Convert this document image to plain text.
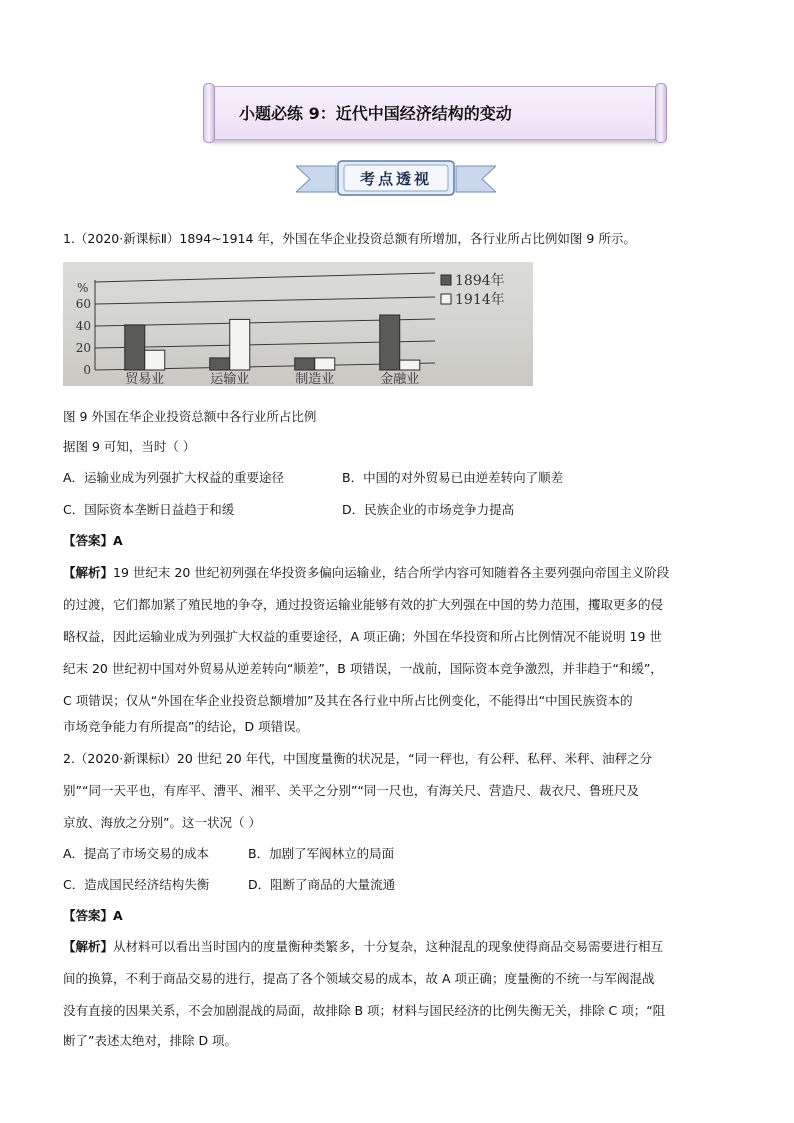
小题必练 9：近代中国经济结构的变动
考点透视
1.（2020·新课标Ⅱ）1894~1914 年，外国在华企业投资总额有所增加，各行业所占比例如图 9 所示。
0
20
40
60
%
贸易业	运输业	制造业	金融业
1894年
1914年
图 9 外国在华企业投资总额中各行业所占比例
据图 9 可知，当时（ ）
A．运输业成为列强扩大权益的重要途径	B．中国的对外贸易已由逆差转向了顺差
C．国际资本垄断日益趋于和缓	D．民族企业的市场竞争力提高
【答案】A
【解析】19 世纪末 20 世纪初列强在华投资多偏向运输业，结合所学内容可知随着各主要列强向帝国主义阶段
的过渡，它们都加紧了殖民地的争夺，通过投资运输业能够有效的扩大列强在中国的势力范围，攫取更多的侵
略权益，因此运输业成为列强扩大权益的重要途径，A 项正确；外国在华投资和所占比例情况不能说明 19 世
纪末 20 世纪初中国对外贸易从逆差转向“顺差”，B 项错误，一战前，国际资本竞争激烈，并非趋于“和缓”，
C 项错误；仅从“外国在华企业投资总额增加”及其在各行业中所占比例变化，不能得出“中国民族资本的
市场竞争能力有所提高”的结论，D 项错误。
2.（2020·新课标Ⅰ）20 世纪 20 年代，中国度量衡的状况是，“同一秤也，有公秤、私秤、米秤、油秤之分
别”“同一天平也，有库平、漕平、湘平、关平之分别”“同一尺也，有海关尺、营造尺、裁衣尺、鲁班尺及
京放、海放之分别”。这一状况（ ）
A．提高了市场交易的成本	B．加剧了军阀林立的局面
C．造成国民经济结构失衡	D．阻断了商品的大量流通
【答案】A
【解析】从材料可以看出当时国内的度量衡种类繁多，十分复杂，这种混乱的现象使得商品交易需要进行相互
间的换算，不利于商品交易的进行，提高了各个领域交易的成本，故 A 项正确；度量衡的不统一与军阀混战
没有直接的因果关系，不会加剧混战的局面，故排除 B 项；材料与国民经济的比例失衡无关，排除 C 项；“阻
断了”表述太绝对，排除 D 项。
